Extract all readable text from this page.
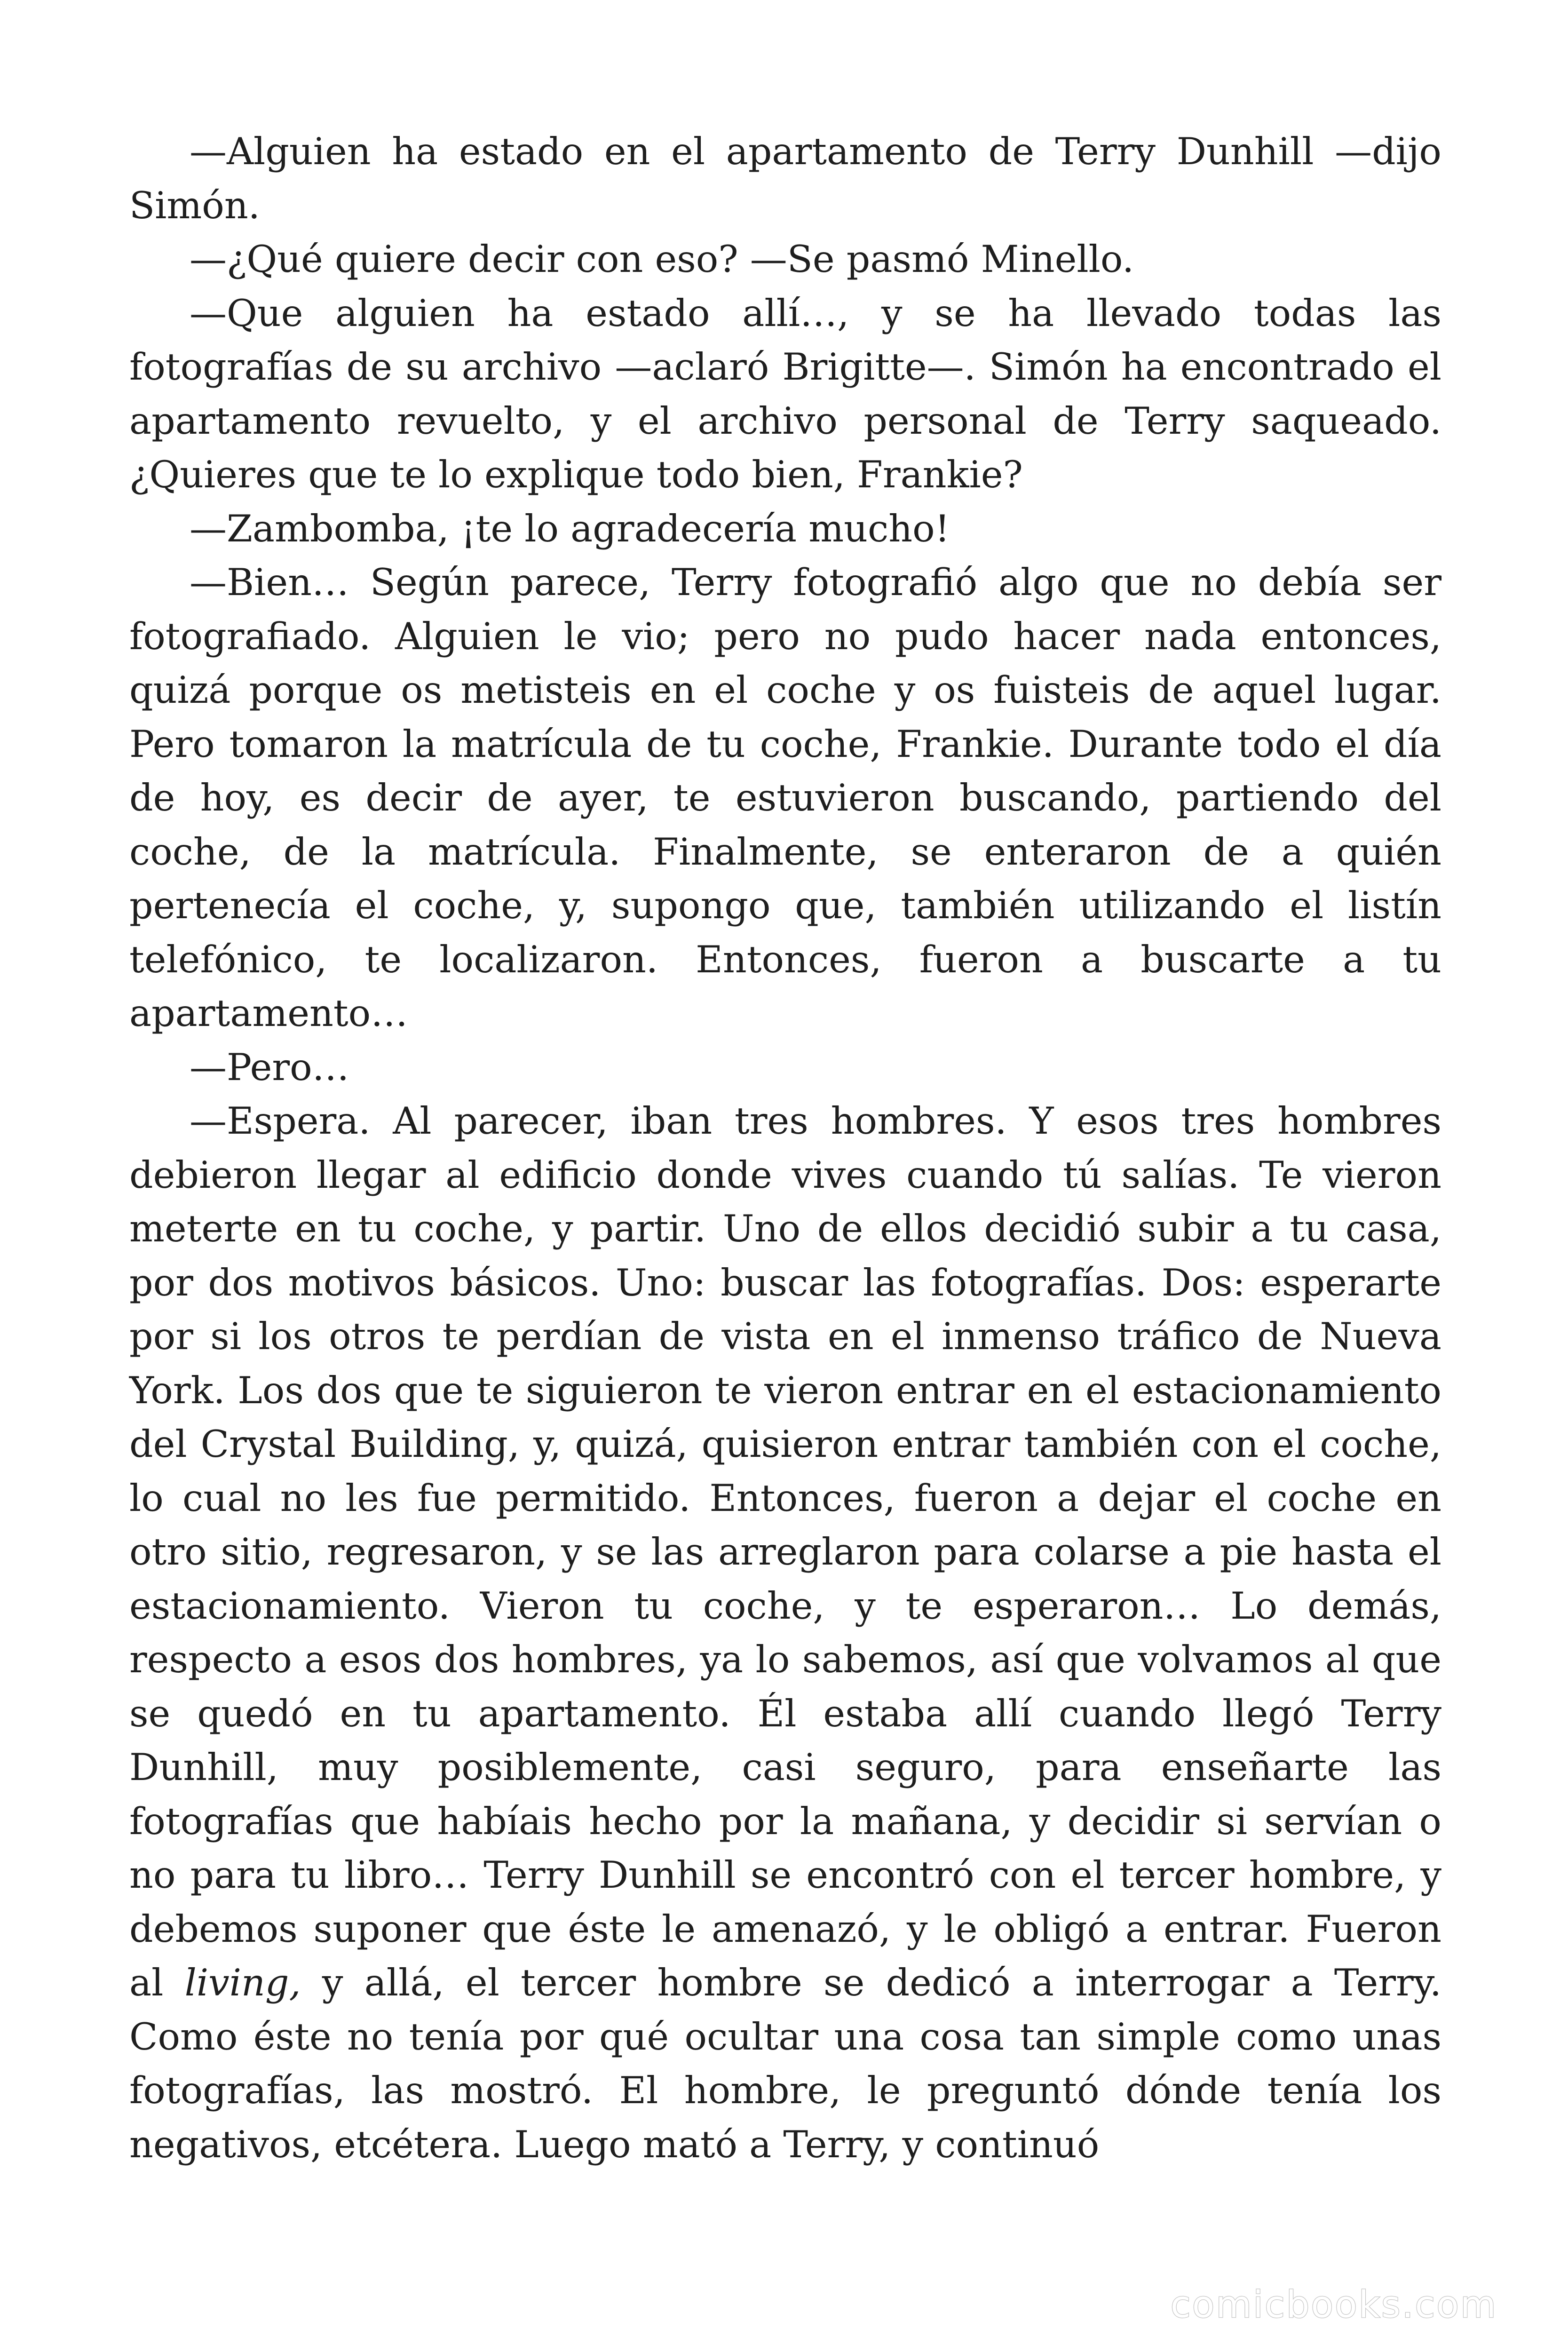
—Alguien ha estado en el apartamento de Terry Dunhill —dijo Simón.

—¿Qué quiere decir con eso? —Se pasmó Minello.

—Que alguien ha estado allí…, y se ha llevado todas las fotografías de su archivo —aclaró Brigitte—. Simón ha encontrado el apartamento revuelto, y el archivo personal de Terry saqueado. ¿Quieres que te lo explique todo bien, Frankie?

—Zambomba, ¡te lo agradecería mucho!

—Bien… Según parece, Terry fotografió algo que no debía ser fotografiado. Alguien le vio; pero no pudo hacer nada entonces, quizá porque os metisteis en el coche y os fuisteis de aquel lugar. Pero tomaron la matrícula de tu coche, Frankie. Durante todo el día de hoy, es decir de ayer, te estuvieron buscando, partiendo del coche, de la matrícula. Finalmente, se enteraron de a quién pertenecía el coche, y, supongo que, también utilizando el listín telefónico, te localizaron. Entonces, fueron a buscarte a tu apartamento…

—Pero…

—Espera. Al parecer, iban tres hombres. Y esos tres hombres debieron llegar al edificio donde vives cuando tú salías. Te vieron meterte en tu coche, y partir. Uno de ellos decidió subir a tu casa, por dos motivos básicos. Uno: buscar las fotografías. Dos: esperarte por si los otros te perdían de vista en el inmenso tráfico de Nueva York. Los dos que te siguieron te vieron entrar en el estacionamiento del Crystal Building, y, quizá, quisieron entrar también con el coche, lo cual no les fue permitido. Entonces, fueron a dejar el coche en otro sitio, regresaron, y se las arreglaron para colarse a pie hasta el estacionamiento. Vieron tu coche, y te esperaron… Lo demás, respecto a esos dos hombres, ya lo sabemos, así que volvamos al que se quedó en tu apartamento. Él estaba allí cuando llegó Terry Dunhill, muy posiblemente, casi seguro, para enseñarte las fotografías que habíais hecho por la mañana, y decidir si servían o no para tu libro… Terry Dunhill se encontró con el tercer hombre, y debemos suponer que éste le amenazó, y le obligó a entrar. Fueron al living, y allá, el tercer hombre se dedicó a interrogar a Terry. Como éste no tenía por qué ocultar una cosa tan simple como unas fotografías, las mostró. El hombre, le preguntó dónde tenía los negativos, etcétera. Luego mató a Terry, y continuó

comicbooks.com
